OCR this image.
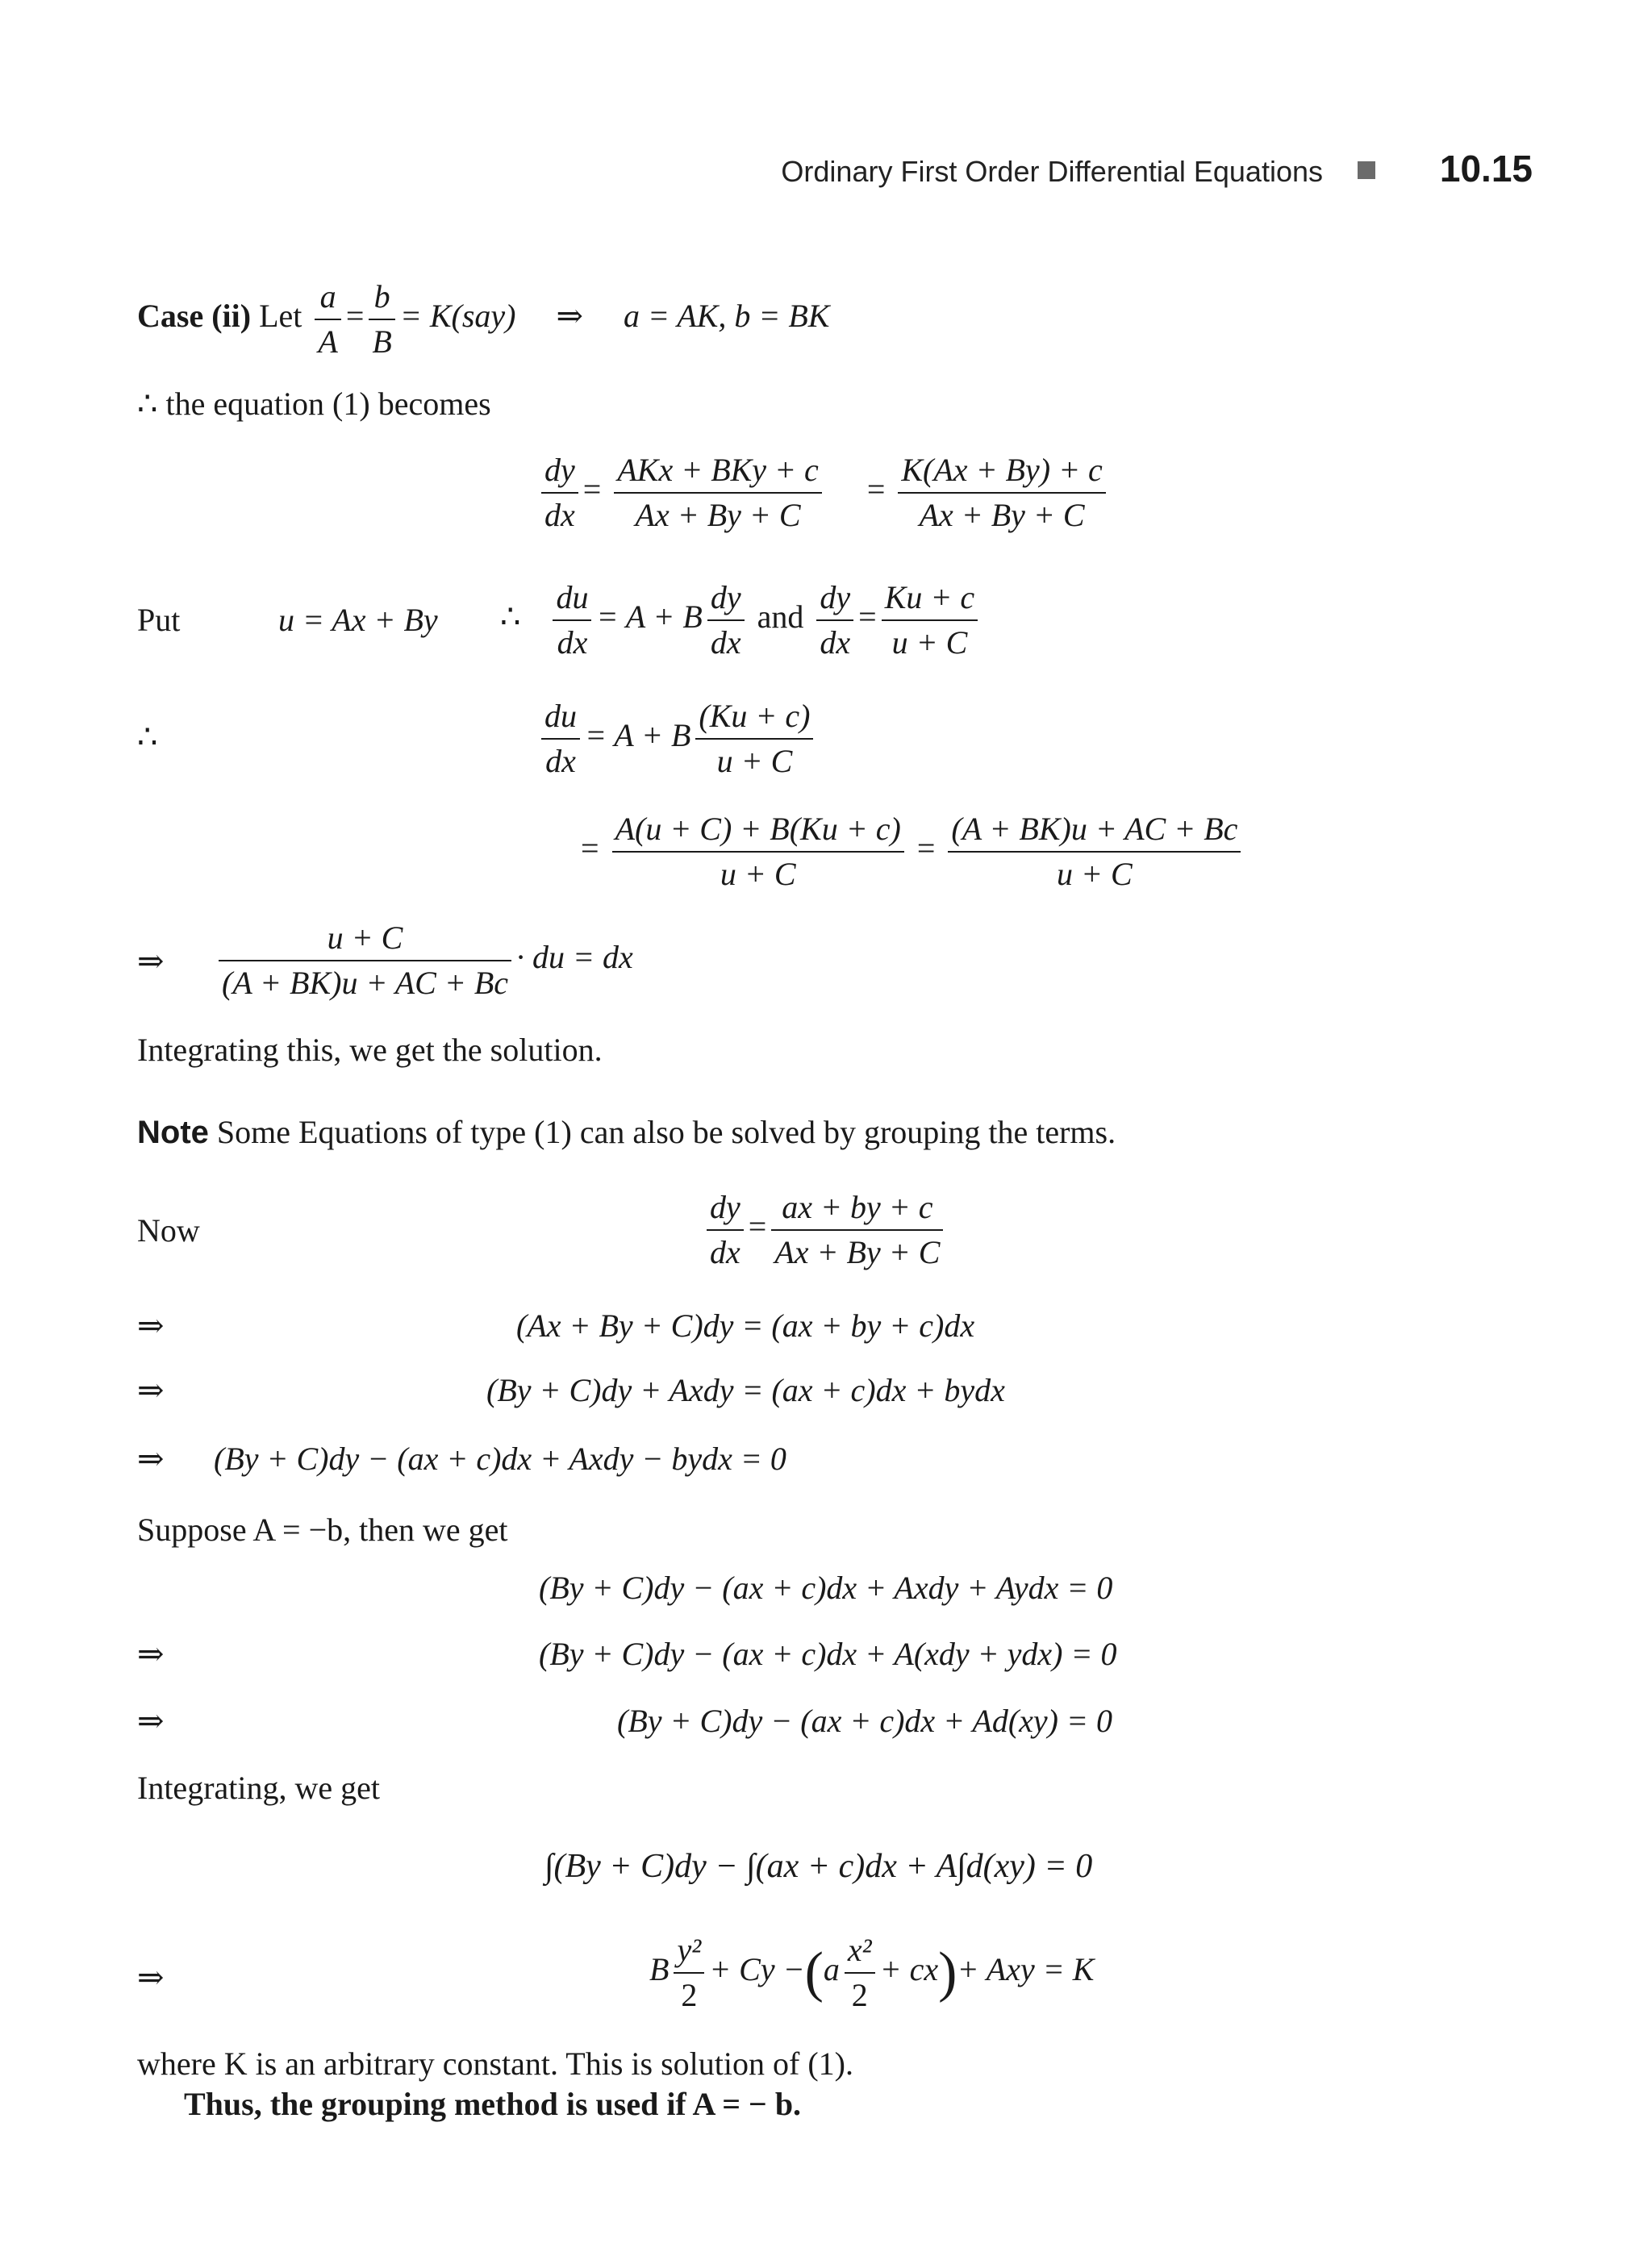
Ordinary First Order Differential Equations	10.15
Case (ii) Let $\frac{a}{A} = \frac{b}{B} = K(say)$ ⇒ a = AK, b = BK
∴ the equation (1) becomes
$\frac{dy}{dx} = \frac{\text{AKx + BKy + c}}{Ax + By + C} = \frac{K(Ax + By) + c}{Ax + By + C}$
Put	u = Ax + By ∴ $\frac{du}{dx} = A + B \frac{dy}{dx}$ and $\frac{dy}{dx} = \frac{Ku + c}{u + C}$
∴	$\frac{du}{dx} = A + B \frac{(Ku + c)}{u + C}$
= $\frac{A(u + C) + B(Ku + c)}{u + C} = \frac{(A + BK)u + AC + Bc}{u + C}$
⇒ $\frac{u + C}{(A + BK)u + AC + Bc}$ · du = dx
Integrating this, we get the solution.
Note Some Equations of type (1) can also be solved by grouping the terms.
Now	$\frac{dy}{dx} = \frac{ax + by + c}{Ax + By + C}$
⇒	(Ax + By + C)dy = (ax + by + c)dx
⇒	(By + C)dy + Axdy = (ax + c)dx + bydx
⇒ (By + C)dy − (ax + c)dx + Axdy − bydx = 0
Suppose A = −b, then we get
(By + C)dy − (ax + c)dx + Axdy + Aydx = 0
⇒	(By + C)dy − (ax + c)dx + A(xdy + ydx) = 0
⇒	(By + C)dy − (ax + c)dx + Ad(xy) = 0
Integrating, we get
∫(By + C)dy − ∫(ax + c)dx + A∫d(xy) = 0
⇒	B $\frac{\text{y²}}{2} + Cy -(a \frac{\text{x²}}{2} + cx)+$ Axy = K
where K is an arbitrary constant. This is solution of (1).
Thus, the grouping method is used if A = − b.
